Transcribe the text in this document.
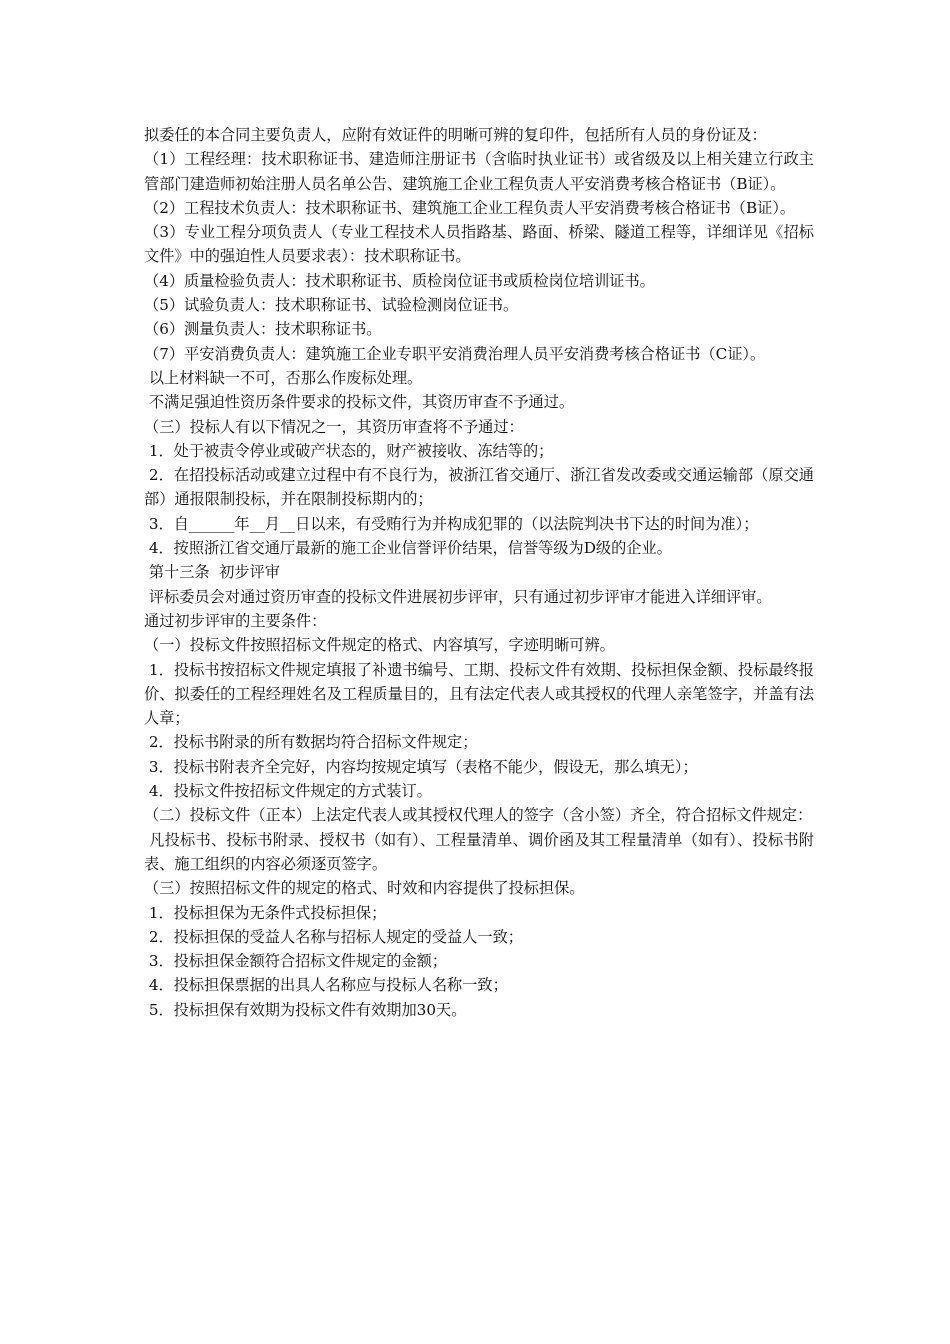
拟委任的本合同主要负责人，应附有效证件的明晰可辨的复印件，包括所有人员的身份证及：

（1）工程经理：技术职称证书、建造师注册证书（含临时执业证书）或省级及以上相关建立行政主管部门建造师初始注册人员名单公告、建筑施工企业工程负责人平安消费考核合格证书（B证）。

（2）工程技术负责人：技术职称证书、建筑施工企业工程负责人平安消费考核合格证书（B证）。

（3）专业工程分项负责人（专业工程技术人员指路基、路面、桥梁、隧道工程等，详细详见《招标文件》中的强迫性人员要求表）：技术职称证书。

（4）质量检验负责人：技术职称证书、质检岗位证书或质检岗位培训证书。

（5）试验负责人：技术职称证书、试验检测岗位证书。

（6）测量负责人：技术职称证书。

（7）平安消费负责人：建筑施工企业专职平安消费治理人员平安消费考核合格证书（C证）。

以上材料缺一不可，否那么作废标处理。

不满足强迫性资历条件要求的投标文件，其资历审查不予通过。

（三）投标人有以下情况之一，其资历审查将不予通过：

1．处于被责令停业或破产状态的，财产被接收、冻结等的；

2．在招投标活动或建立过程中有不良行为，被浙江省交通厅、浙江省发改委或交通运输部（原交通部）通报限制投标，并在限制投标期内的；

3．自______年__月__日以来，有受贿行为并构成犯罪的（以法院判决书下达的时间为准）；

4．按照浙江省交通厅最新的施工企业信誉评价结果，信誉等级为D级的企业。

第十三条  初步评审

评标委员会对通过资历审查的投标文件进展初步评审，只有通过初步评审才能进入详细评审。

通过初步评审的主要条件：

（一）投标文件按照招标文件规定的格式、内容填写，字迹明晰可辨。

1．投标书按招标文件规定填报了补遗书编号、工期、投标文件有效期、投标担保金额、投标最终报价、拟委任的工程经理姓名及工程质量目的，且有法定代表人或其授权的代理人亲笔签字，并盖有法人章；

2．投标书附录的所有数据均符合招标文件规定；

3．投标书附表齐全完好，内容均按规定填写（表格不能少，假设无，那么填无）；

4．投标文件按招标文件规定的方式装订。

（二）投标文件（正本）上法定代表人或其授权代理人的签字（含小签）齐全，符合招标文件规定：

凡投标书、投标书附录、授权书（如有）、工程量清单、调价函及其工程量清单（如有）、投标书附表、施工组织的内容必须逐页签字。

（三）按照招标文件的规定的格式、时效和内容提供了投标担保。

1．投标担保为无条件式投标担保；

2．投标担保的受益人名称与招标人规定的受益人一致；

3．投标担保金额符合招标文件规定的金额；

4．投标担保票据的出具人名称应与投标人名称一致；

5．投标担保有效期为投标文件有效期加30天。
